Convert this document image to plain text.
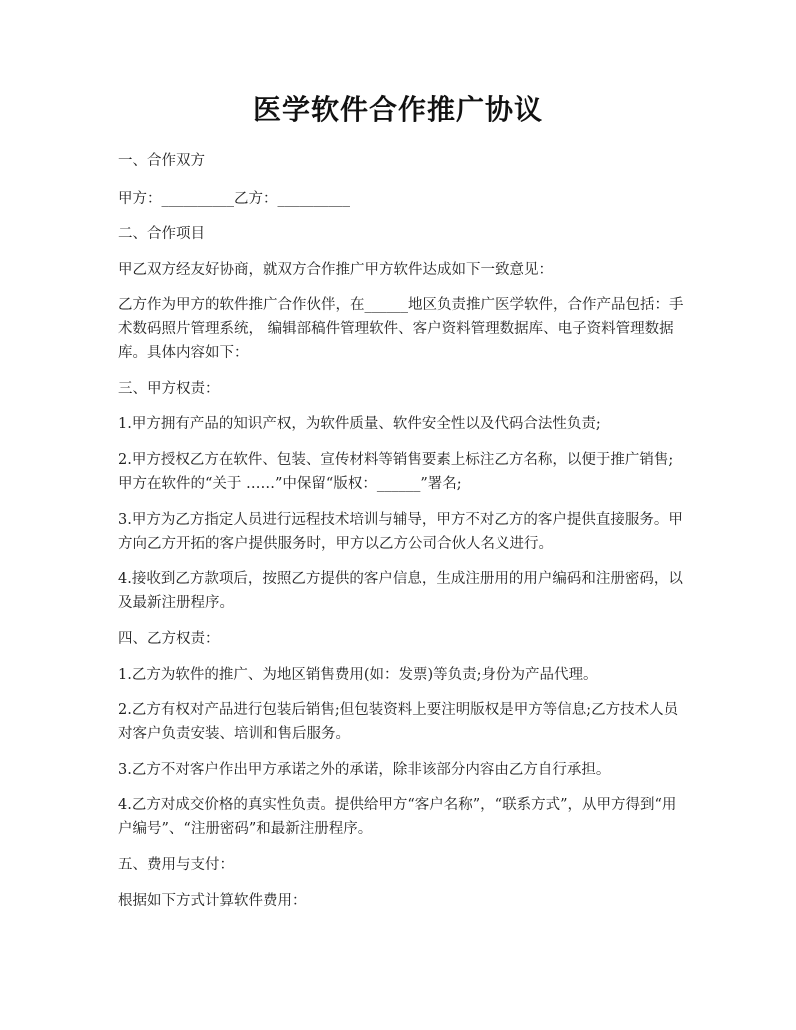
医学软件合作推广协议
一、合作双方
甲方：__________乙方：__________
二、合作项目
甲乙双方经友好协商，就双方合作推广甲方软件达成如下一致意见：
乙方作为甲方的软件推广合作伙伴，在______地区负责推广医学软件，合作产品包括：手术数码照片管理系统， 编辑部稿件管理软件、客户资料管理数据库、电子资料管理数据库。具体内容如下：
三、甲方权责：
1.甲方拥有产品的知识产权，为软件质量、软件安全性以及代码合法性负责;
2.甲方授权乙方在软件、包装、宣传材料等销售要素上标注乙方名称，以便于推广销售;甲方在软件的“关于 ……”中保留“版权：______”署名;
3.甲方为乙方指定人员进行远程技术培训与辅导，甲方不对乙方的客户提供直接服务。甲方向乙方开拓的客户提供服务时，甲方以乙方公司合伙人名义进行。
4.接收到乙方款项后，按照乙方提供的客户信息，生成注册用的用户编码和注册密码，以及最新注册程序。
四、乙方权责：
1.乙方为软件的推广、为地区销售费用(如：发票)等负责;身份为产品代理。
2.乙方有权对产品进行包装后销售;但包装资料上要注明版权是甲方等信息;乙方技术人员对客户负责安装、培训和售后服务。
3.乙方不对客户作出甲方承诺之外的承诺，除非该部分内容由乙方自行承担。
4.乙方对成交价格的真实性负责。提供给甲方“客户名称”，“联系方式”，从甲方得到“用户编号”、“注册密码”和最新注册程序。
五、费用与支付：
根据如下方式计算软件费用：
